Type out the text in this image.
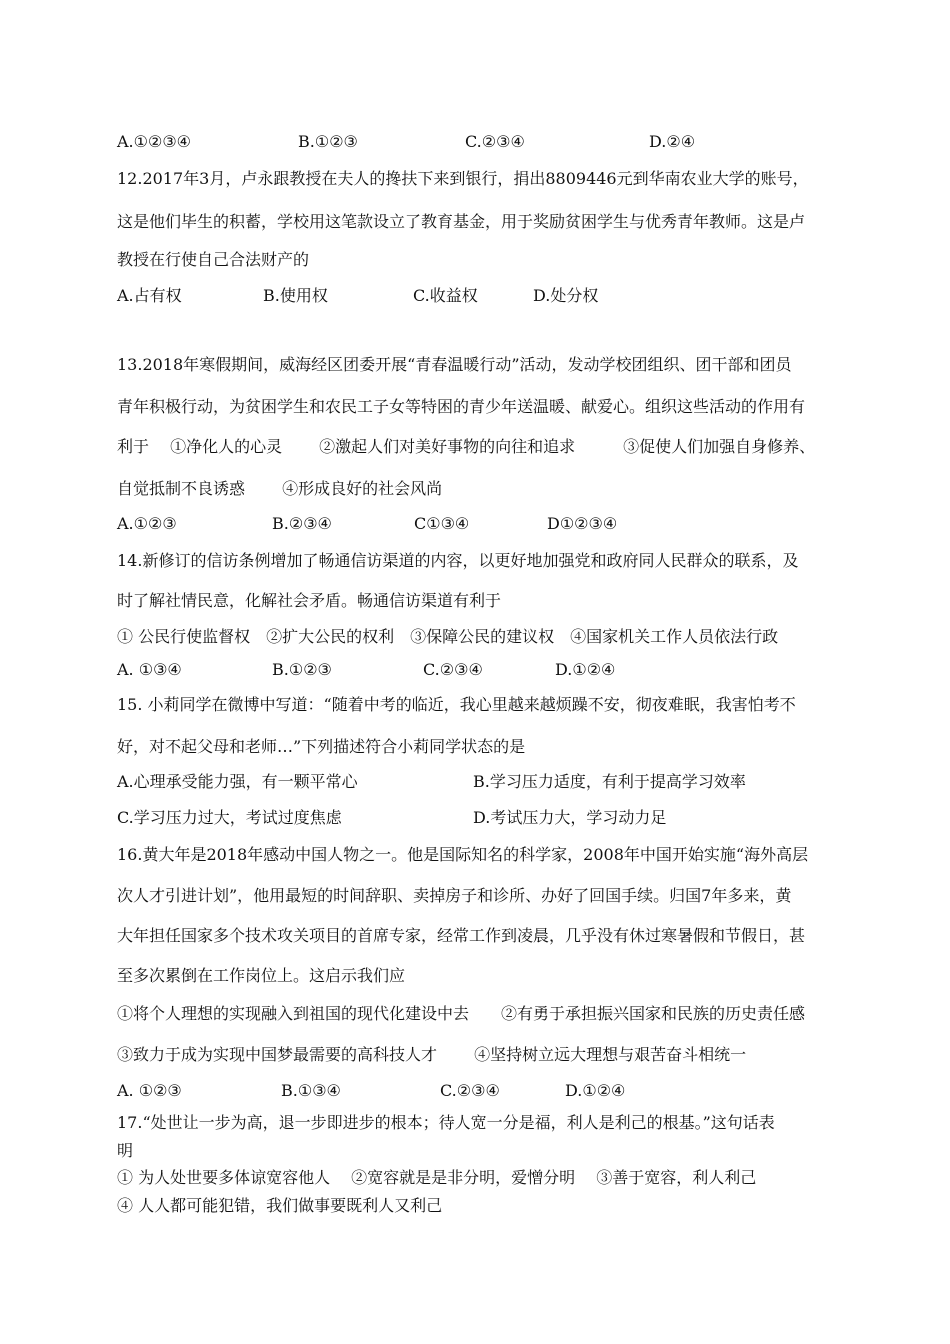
A.①②③④	B.①②③	C.②③④	D.②④
12.2017年3月，卢永跟教授在夫人的搀扶下来到银行，捐出8809446元到华南农业大学的账号，
这是他们毕生的积蓄，学校用这笔款设立了教育基金，用于奖励贫困学生与优秀青年教师。这是卢
教授在行使自己合法财产的
A.占有权	B.使用权	C.收益权	D.处分权
13.2018年寒假期间，威海经区团委开展“青春温暖行动”活动，发动学校团组织、团干部和团员
青年积极行动，为贫困学生和农民工子女等特困的青少年送温暖、献爱心。组织这些活动的作用有
利于　 ①净化人的心灵　　 ②激起人们对美好事物的向往和追求　　　③促使人们加强自身修养、
自觉抵制不良诱惑　　 ④形成良好的社会风尚
A.①②③	B.②③④	C①③④	D①②③④
14.新修订的信访条例增加了畅通信访渠道的内容，以更好地加强党和政府同人民群众的联系，及
时了解社情民意，化解社会矛盾。畅通信访渠道有利于
① 公民行使监督权　②扩大公民的权利　③保障公民的建议权　④国家机关工作人员依法行政
A. ①③④	B.①②③	C.②③④	D.①②④
15. 小莉同学在微博中写道：“随着中考的临近，我心里越来越烦躁不安，彻夜难眠，我害怕考不
好，对不起父母和老师…”下列描述符合小莉同学状态的是
A.心理承受能力强，有一颗平常心	B.学习压力适度，有利于提高学习效率
C.学习压力过大，考试过度焦虑	D.考试压力大，学习动力足
16.黄大年是2018年感动中国人物之一。他是国际知名的科学家，2008年中国开始实施“海外高层
次人才引进计划”，他用最短的时间辞职、卖掉房子和诊所、办好了回国手续。归国7年多来，黄
大年担任国家多个技术攻关项目的首席专家，经常工作到凌晨，几乎没有休过寒暑假和节假日，甚
至多次累倒在工作岗位上。这启示我们应
①将个人理想的实现融入到祖国的现代化建设中去　　②有勇于承担振兴国家和民族的历史责任感
③致力于成为实现中国梦最需要的高科技人才　　 ④坚持树立远大理想与艰苦奋斗相统一
A. ①②③	B.①③④	C.②③④	D.①②④
17.“处世让一步为高，退一步即进步的根本；待人宽一分是福，利人是利己的根基。”这句话表
明
① 为人处世要多体谅宽容他人　 ②宽容就是是非分明，爱憎分明　 ③善于宽容，利人利己
④ 人人都可能犯错，我们做事要既利人又利己
